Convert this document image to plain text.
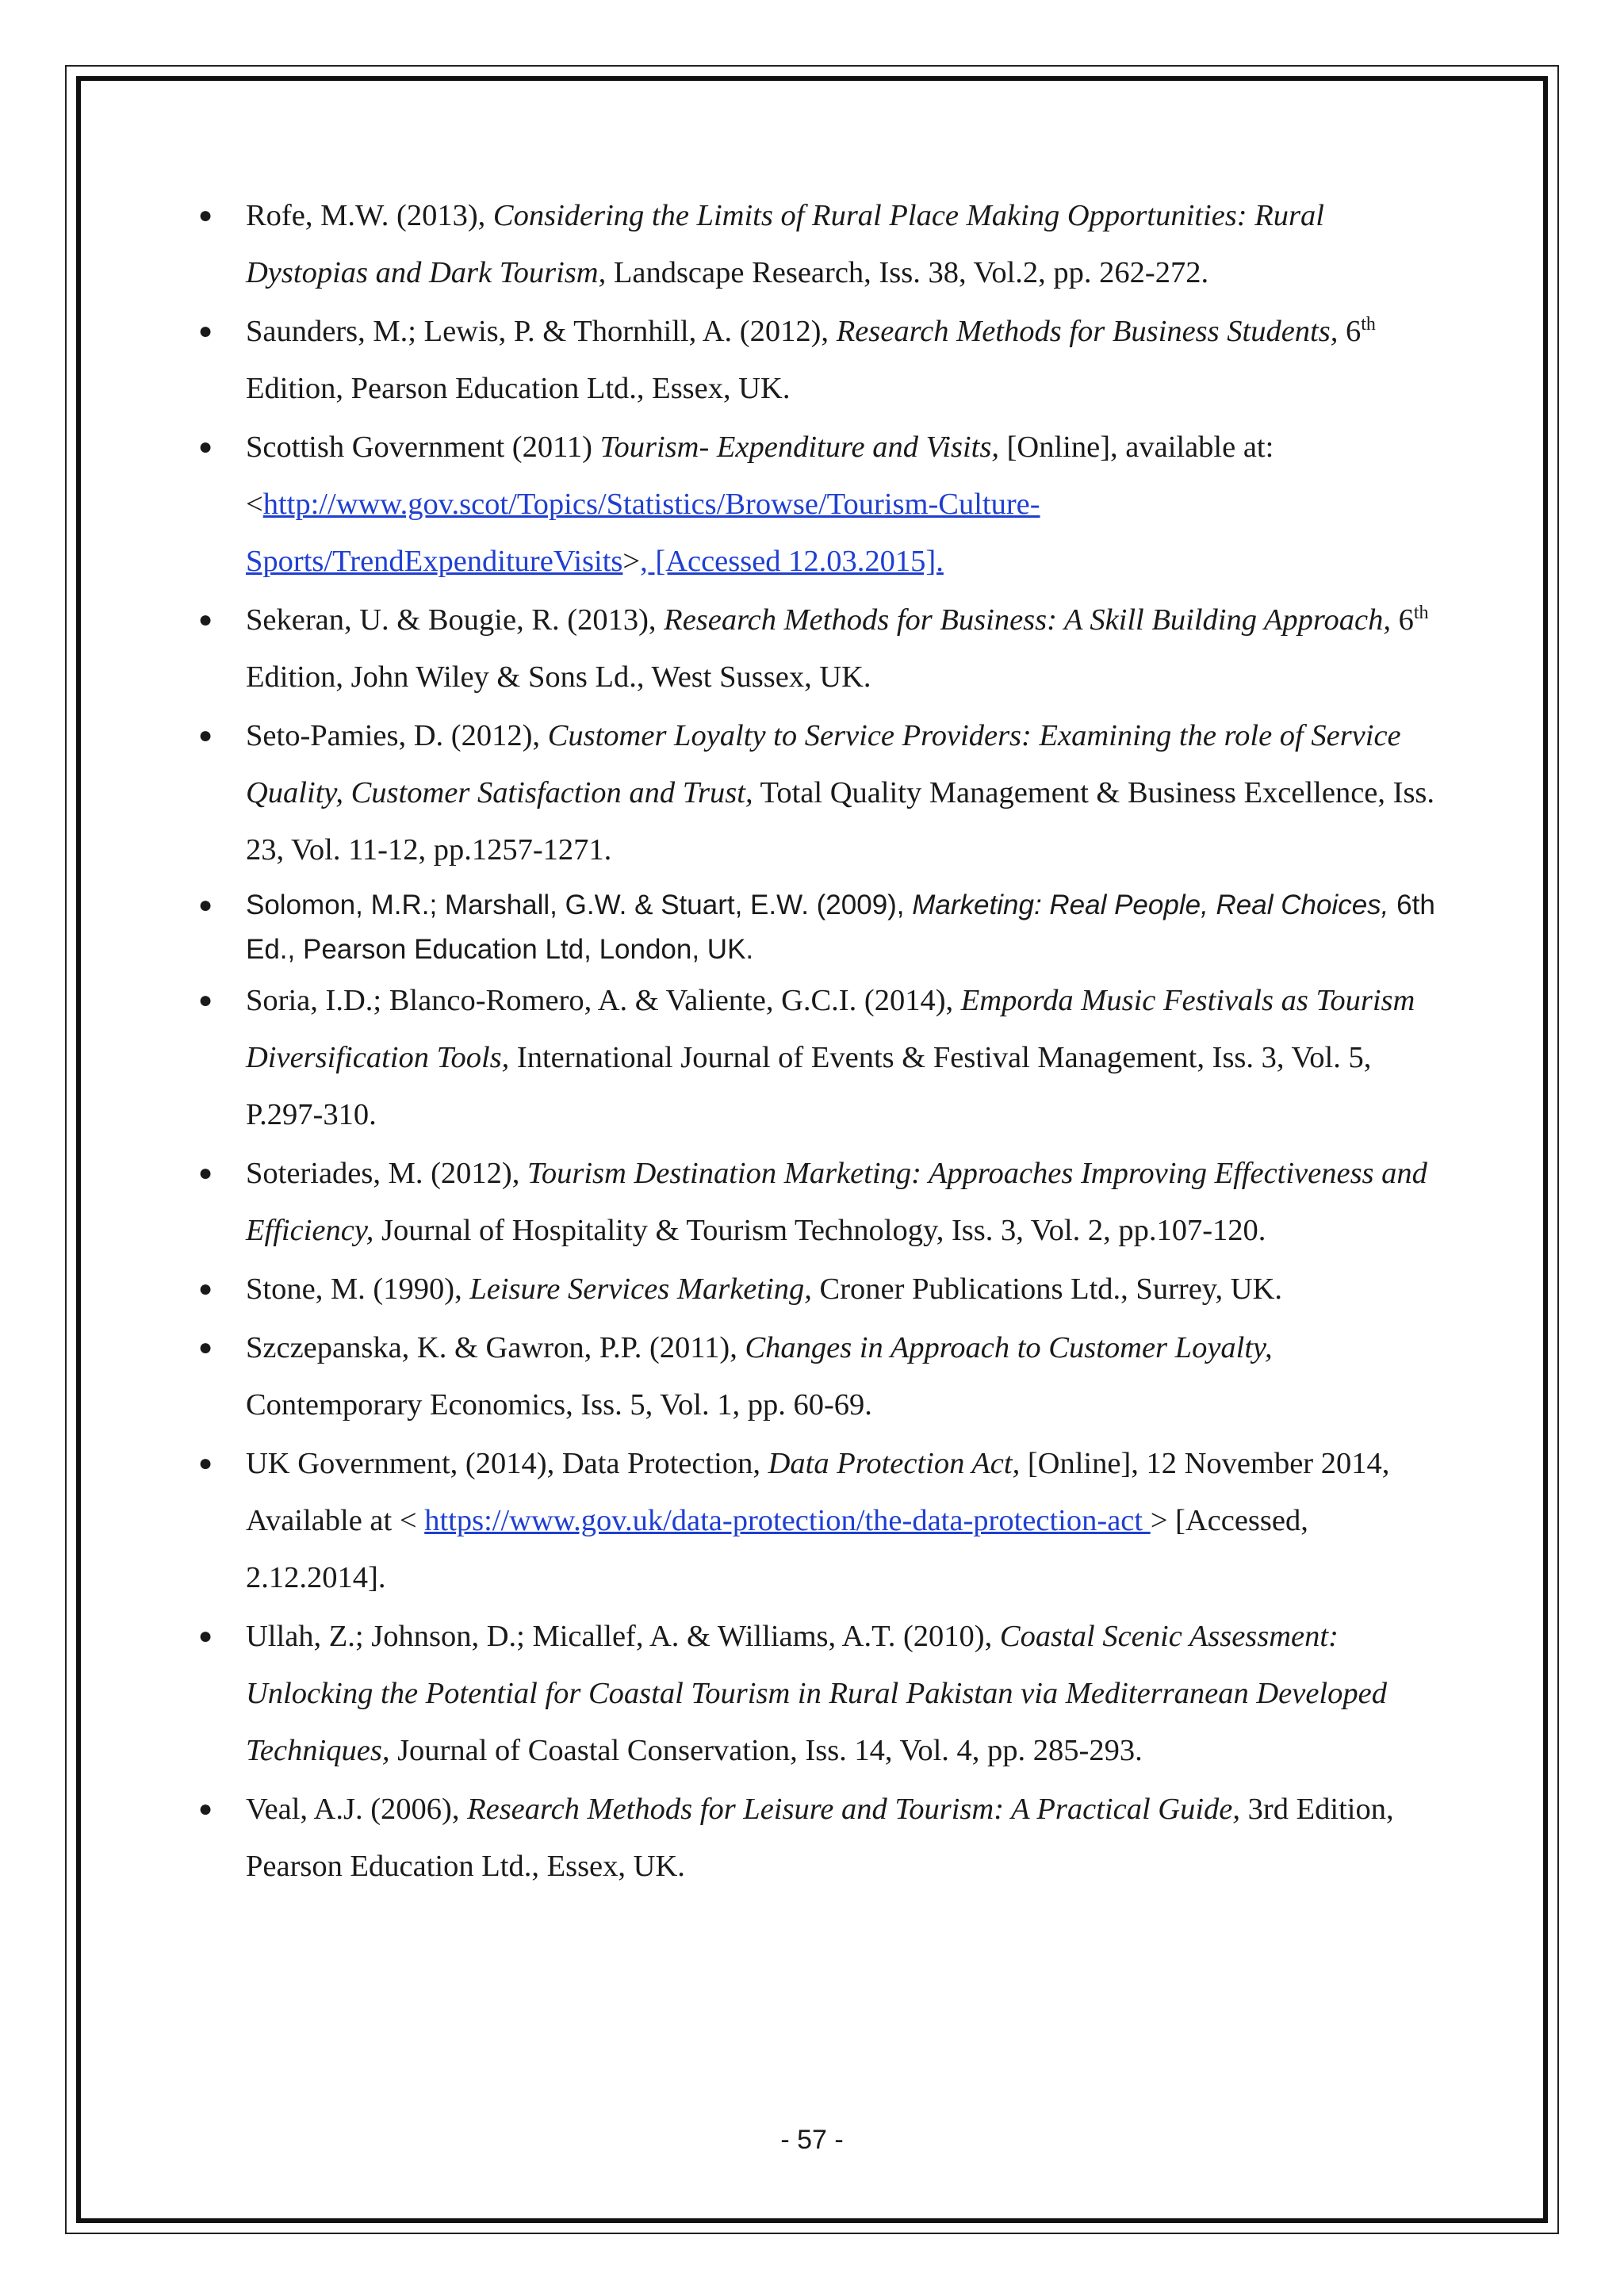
● Rofe, M.W. (2013), Considering the Limits of Rural Place Making Opportunities: Rural Dystopias and Dark Tourism, Landscape Research, Iss. 38, Vol.2, pp. 262-272.
● Saunders, M.; Lewis, P. & Thornhill, A. (2012), Research Methods for Business Students, 6th Edition, Pearson Education Ltd., Essex, UK.
● Scottish Government (2011) Tourism- Expenditure and Visits, [Online], available at: <http://www.gov.scot/Topics/Statistics/Browse/Tourism-Culture-Sports/TrendExpenditureVisits>, [Accessed 12.03.2015].
● Sekeran, U. & Bougie, R. (2013), Research Methods for Business: A Skill Building Approach, 6th Edition, John Wiley & Sons Ld., West Sussex, UK.
● Seto-Pamies, D. (2012), Customer Loyalty to Service Providers: Examining the role of Service Quality, Customer Satisfaction and Trust, Total Quality Management & Business Excellence, Iss. 23, Vol. 11-12, pp.1257-1271.
● Solomon, M.R.; Marshall, G.W. & Stuart, E.W. (2009), Marketing: Real People, Real Choices, 6th Ed., Pearson Education Ltd, London, UK.
● Soria, I.D.; Blanco-Romero, A. & Valiente, G.C.I. (2014), Emporda Music Festivals as Tourism Diversification Tools, International Journal of Events & Festival Management, Iss. 3, Vol. 5, P.297-310.
● Soteriades, M. (2012), Tourism Destination Marketing: Approaches Improving Effectiveness and Efficiency, Journal of Hospitality & Tourism Technology, Iss. 3, Vol. 2, pp.107-120.
● Stone, M. (1990), Leisure Services Marketing, Croner Publications Ltd., Surrey, UK.
● Szczepanska, K. & Gawron, P.P. (2011), Changes in Approach to Customer Loyalty, Contemporary Economics, Iss. 5, Vol. 1, pp. 60-69.
● UK Government, (2014), Data Protection, Data Protection Act, [Online], 12 November 2014, Available at < https://www.gov.uk/data-protection/the-data-protection-act > [Accessed, 2.12.2014].
● Ullah, Z.; Johnson, D.; Micallef, A. & Williams, A.T. (2010), Coastal Scenic Assessment: Unlocking the Potential for Coastal Tourism in Rural Pakistan via Mediterranean Developed Techniques, Journal of Coastal Conservation, Iss. 14, Vol. 4, pp. 285-293.
● Veal, A.J. (2006), Research Methods for Leisure and Tourism: A Practical Guide, 3rd Edition, Pearson Education Ltd., Essex, UK.
- 57 -
